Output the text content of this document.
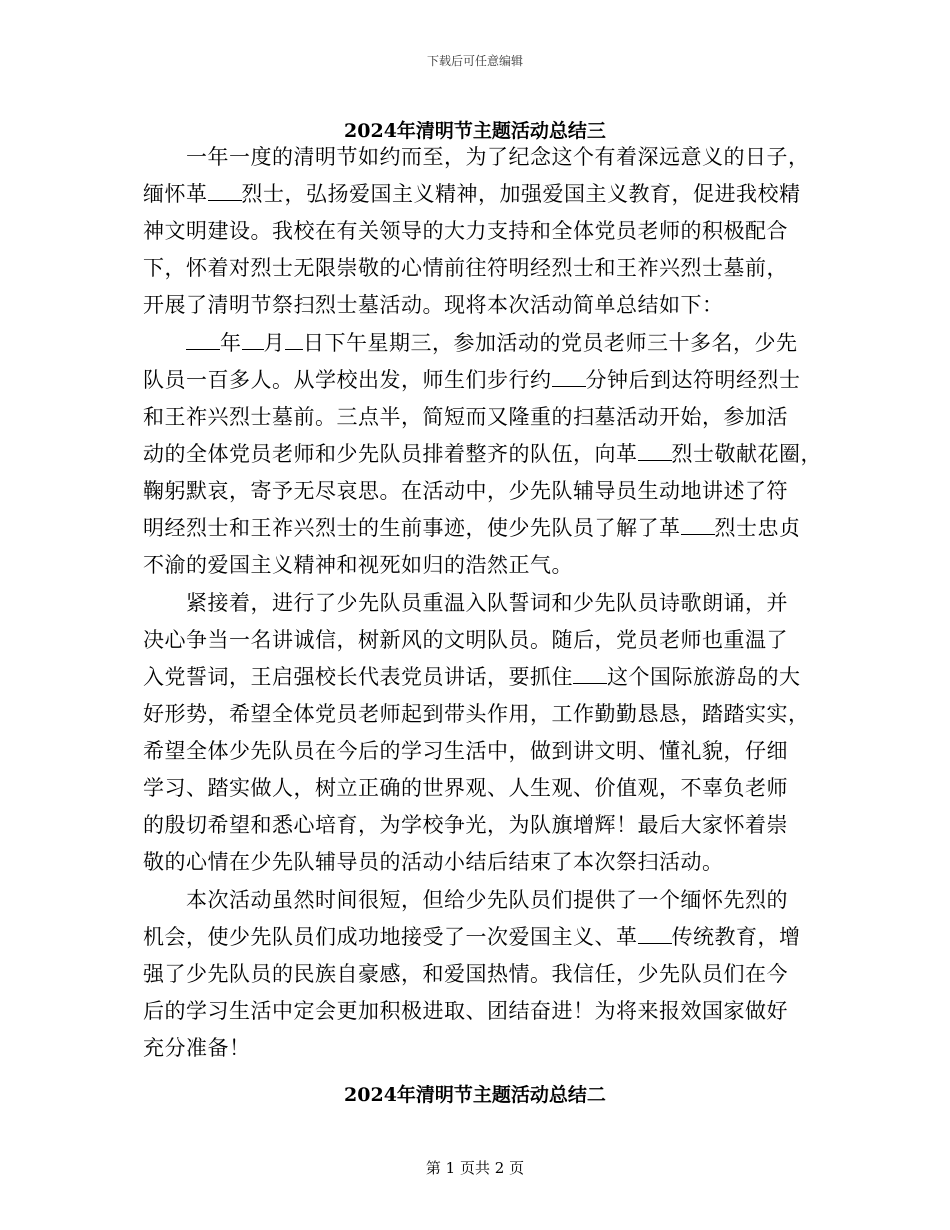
下载后可任意编辑
2024年清明节主题活动总结三
一年一度的清明节如约而至，为了纪念这个有着深远意义的日子，
缅怀革 烈士，弘扬爱国主义精神，加强爱国主义教育，促进我校精
神文明建设。我校在有关领导的大力支持和全体党员老师的积极配合
下，怀着对烈士无限崇敬的心情前往符明经烈士和王祚兴烈士墓前，
开展了清明节祭扫烈士墓活动。现将本次活动简单总结如下：
年 月 日下午星期三，参加活动的党员老师三十多名，少先
队员一百多人。从学校出发，师生们步行约 分钟后到达符明经烈士
和王祚兴烈士墓前。三点半，简短而又隆重的扫墓活动开始，参加活
动的全体党员老师和少先队员排着整齐的队伍，向革 烈士敬献花圈，
鞠躬默哀，寄予无尽哀思。在活动中，少先队辅导员生动地讲述了符
明经烈士和王祚兴烈士的生前事迹，使少先队员了解了革 烈士忠贞
不渝的爱国主义精神和视死如归的浩然正气。
紧接着，进行了少先队员重温入队誓词和少先队员诗歌朗诵，并
决心争当一名讲诚信，树新风的文明队员。随后，党员老师也重温了
入党誓词，王启强校长代表党员讲话，要抓住 这个国际旅游岛的大
好形势，希望全体党员老师起到带头作用，工作勤勤恳恳，踏踏实实，
希望全体少先队员在今后的学习生活中，做到讲文明、懂礼貌，仔细
学习、踏实做人，树立正确的世界观、人生观、价值观，不辜负老师
的殷切希望和悉心培育，为学校争光，为队旗增辉！最后大家怀着崇
敬的心情在少先队辅导员的活动小结后结束了本次祭扫活动。
本次活动虽然时间很短，但给少先队员们提供了一个缅怀先烈的
机会，使少先队员们成功地接受了一次爱国主义、革 传统教育，增
强了少先队员的民族自豪感，和爱国热情。我信任，少先队员们在今
后的学习生活中定会更加积极进取、团结奋进！为将来报效国家做好
充分准备！
2024年清明节主题活动总结二
第 1 页共 2 页
